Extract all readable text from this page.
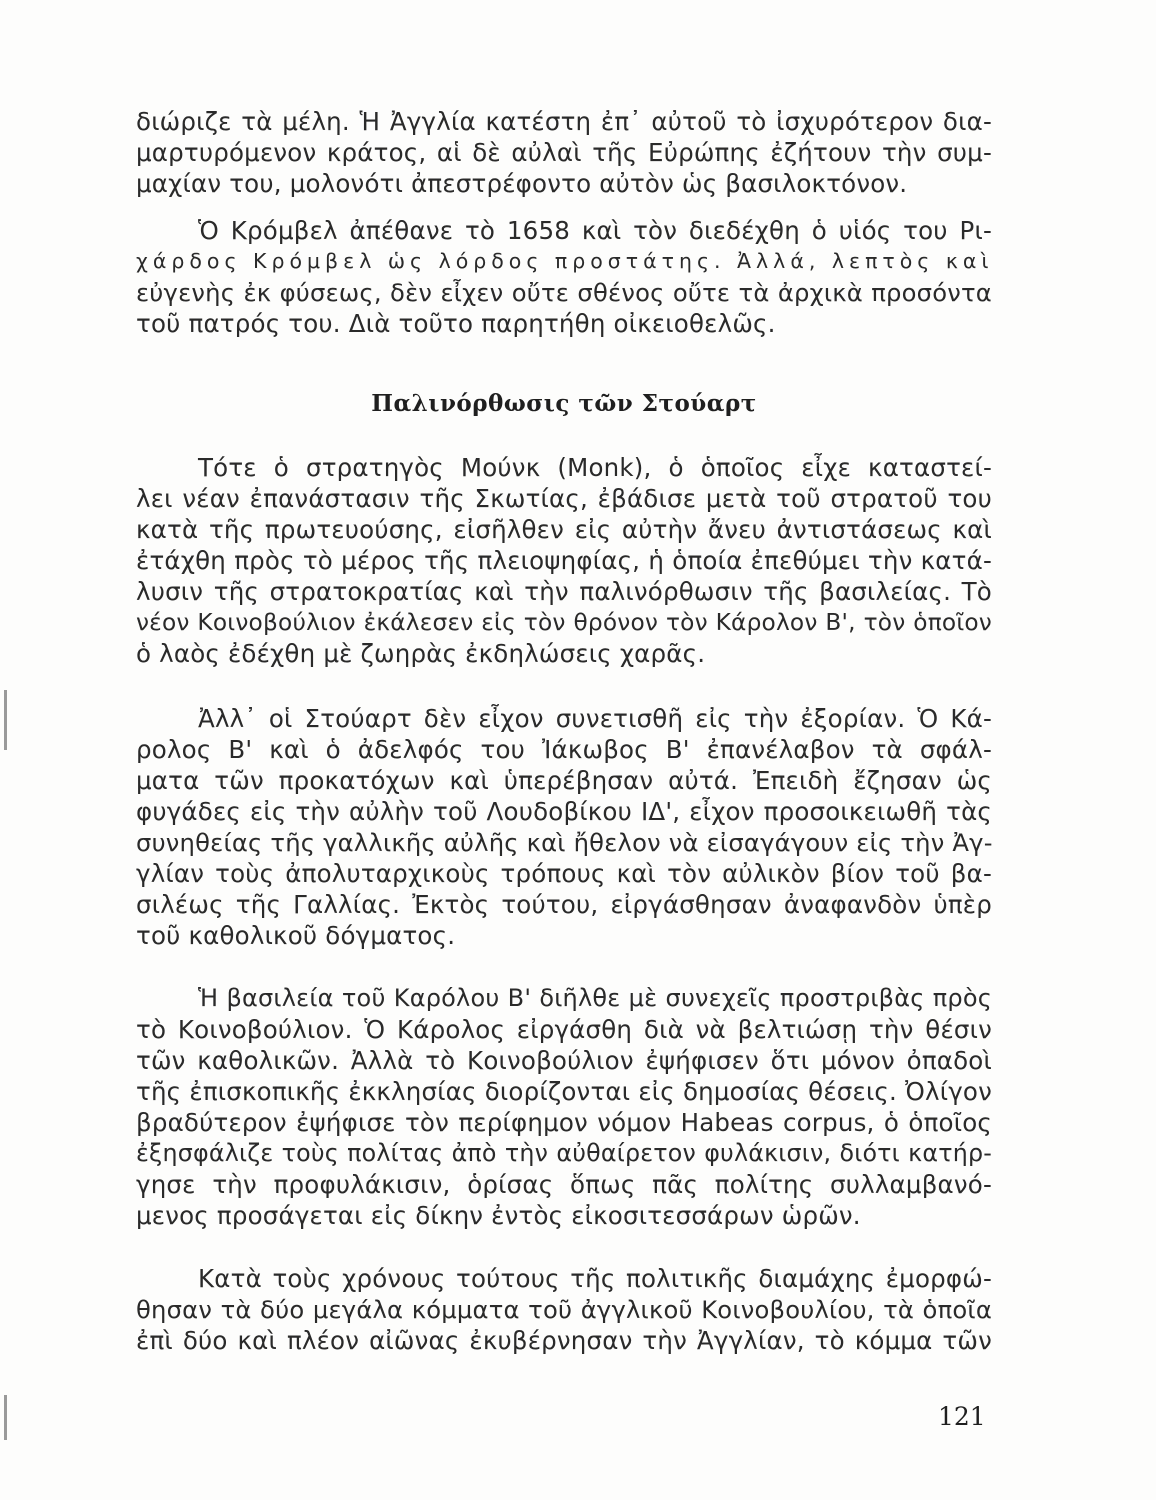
διώριζε τὰ μέλη. Ἡ Ἀγγλία κατέστη ἐπ᾽ αὐτοῦ τὸ ἰσχυρότερον δια-
μαρτυρόμενον κράτος, αἱ δὲ αὐλαὶ τῆς Εὐρώπης ἐζήτουν τὴν συμ-
μαχίαν του, μολονότι ἀπεστρέφοντο αὐτὸν ὡς βασιλοκτόνον.
Ὁ Κρόμβελ ἀπέθανε τὸ 1658 καὶ τὸν διεδέχθη ὁ υἱός του Ρι-
χάρδος Κρόμβελ ὡς λόρδος προστάτης. Ἀλλά, λεπτὸς καὶ
εὐγενὴς ἐκ φύσεως, δὲν εἶχεν οὔτε σθένος οὔτε τὰ ἀρχικὰ προσόντα
τοῦ πατρός του. Διὰ τοῦτο παρητήθη οἰκειοθελῶς.
Παλινόρθωσις τῶν Στούαρτ
Τότε ὁ στρατηγὸς Μούνκ (Monk), ὁ ὁποῖος εἶχε καταστεί-
λει νέαν ἐπανάστασιν τῆς Σκωτίας, ἐβάδισε μετὰ τοῦ στρατοῦ του
κατὰ τῆς πρωτευούσης, εἰσῆλθεν εἰς αὐτὴν ἄνευ ἀντιστάσεως καὶ
ἐτάχθη πρὸς τὸ μέρος τῆς πλειοψηφίας, ἡ ὁποία ἐπεθύμει τὴν κατά-
λυσιν τῆς στρατοκρατίας καὶ τὴν παλινόρθωσιν τῆς βασιλείας. Τὸ
νέον Κοινοβούλιον ἐκάλεσεν εἰς τὸν θρόνον τὸν Κάρολον Β', τὸν ὁποῖον
ὁ λαὸς ἐδέχθη μὲ ζωηρὰς ἐκδηλώσεις χαρᾶς.
Ἀλλ᾽ οἱ Στούαρτ δὲν εἶχον συνετισθῆ εἰς τὴν ἐξορίαν. Ὁ Κά-
ρολος Β' καὶ ὁ ἀδελφός του Ἰάκωβος Β' ἐπανέλαβον τὰ σφάλ-
ματα τῶν προκατόχων καὶ ὑπερέβησαν αὐτά. Ἐπειδὴ ἔζησαν ὡς
φυγάδες εἰς τὴν αὐλὴν τοῦ Λουδοβίκου ΙΔ', εἶχον προσοικειωθῆ τὰς
συνηθείας τῆς γαλλικῆς αὐλῆς καὶ ἤθελον νὰ εἰσαγάγουν εἰς τὴν Ἀγ-
γλίαν τοὺς ἀπολυταρχικοὺς τρόπους καὶ τὸν αὐλικὸν βίον τοῦ βα-
σιλέως τῆς Γαλλίας. Ἐκτὸς τούτου, εἰργάσθησαν ἀναφανδὸν ὑπὲρ
τοῦ καθολικοῦ δόγματος.
Ἡ βασιλεία τοῦ Καρόλου Β' διῆλθε μὲ συνεχεῖς προστριβὰς πρὸς
τὸ Κοινοβούλιον. Ὁ Κάρολος εἰργάσθη διὰ νὰ βελτιώσῃ τὴν θέσιν
τῶν καθολικῶν. Ἀλλὰ τὸ Κοινοβούλιον ἐψήφισεν ὅτι μόνον ὀπαδοὶ
τῆς ἐπισκοπικῆς ἐκκλησίας διορίζονται εἰς δημοσίας θέσεις. Ὀλίγον
βραδύτερον ἐψήφισε τὸν περίφημον νόμον Habeas corpus, ὁ ὁποῖος
ἐξησφάλιζε τοὺς πολίτας ἀπὸ τὴν αὐθαίρετον φυλάκισιν, διότι κατήρ-
γησε τὴν προφυλάκισιν, ὁρίσας ὅπως πᾶς πολίτης συλλαμβανό-
μενος προσάγεται εἰς δίκην ἐντὸς εἰκοσιτεσσάρων ὡρῶν.
Κατὰ τοὺς χρόνους τούτους τῆς πολιτικῆς διαμάχης ἐμορφώ-
θησαν τὰ δύο μεγάλα κόμματα τοῦ ἀγγλικοῦ Κοινοβουλίου, τὰ ὁποῖα
ἐπὶ δύο καὶ πλέον αἰῶνας ἐκυβέρνησαν τὴν Ἀγγλίαν, τὸ κόμμα τῶν
121
